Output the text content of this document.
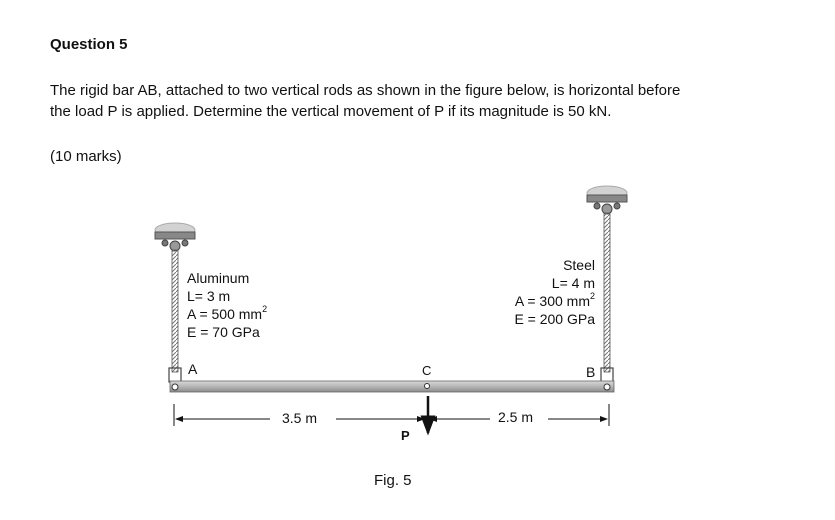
Question 5
The rigid bar AB, attached to two vertical rods as shown in the figure below, is horizontal before
the load P is applied. Determine the vertical movement of P if its magnitude is 50 kN.
(10 marks)
Aluminum
L= 3 m
A = 500 $mm^2$
E = 70 GPa
Steel
L= 4 m
A = 300 $mm^2$
E = 200 GPa
A	B
C
3.5 m	2.5 m
P
Fig. 5
